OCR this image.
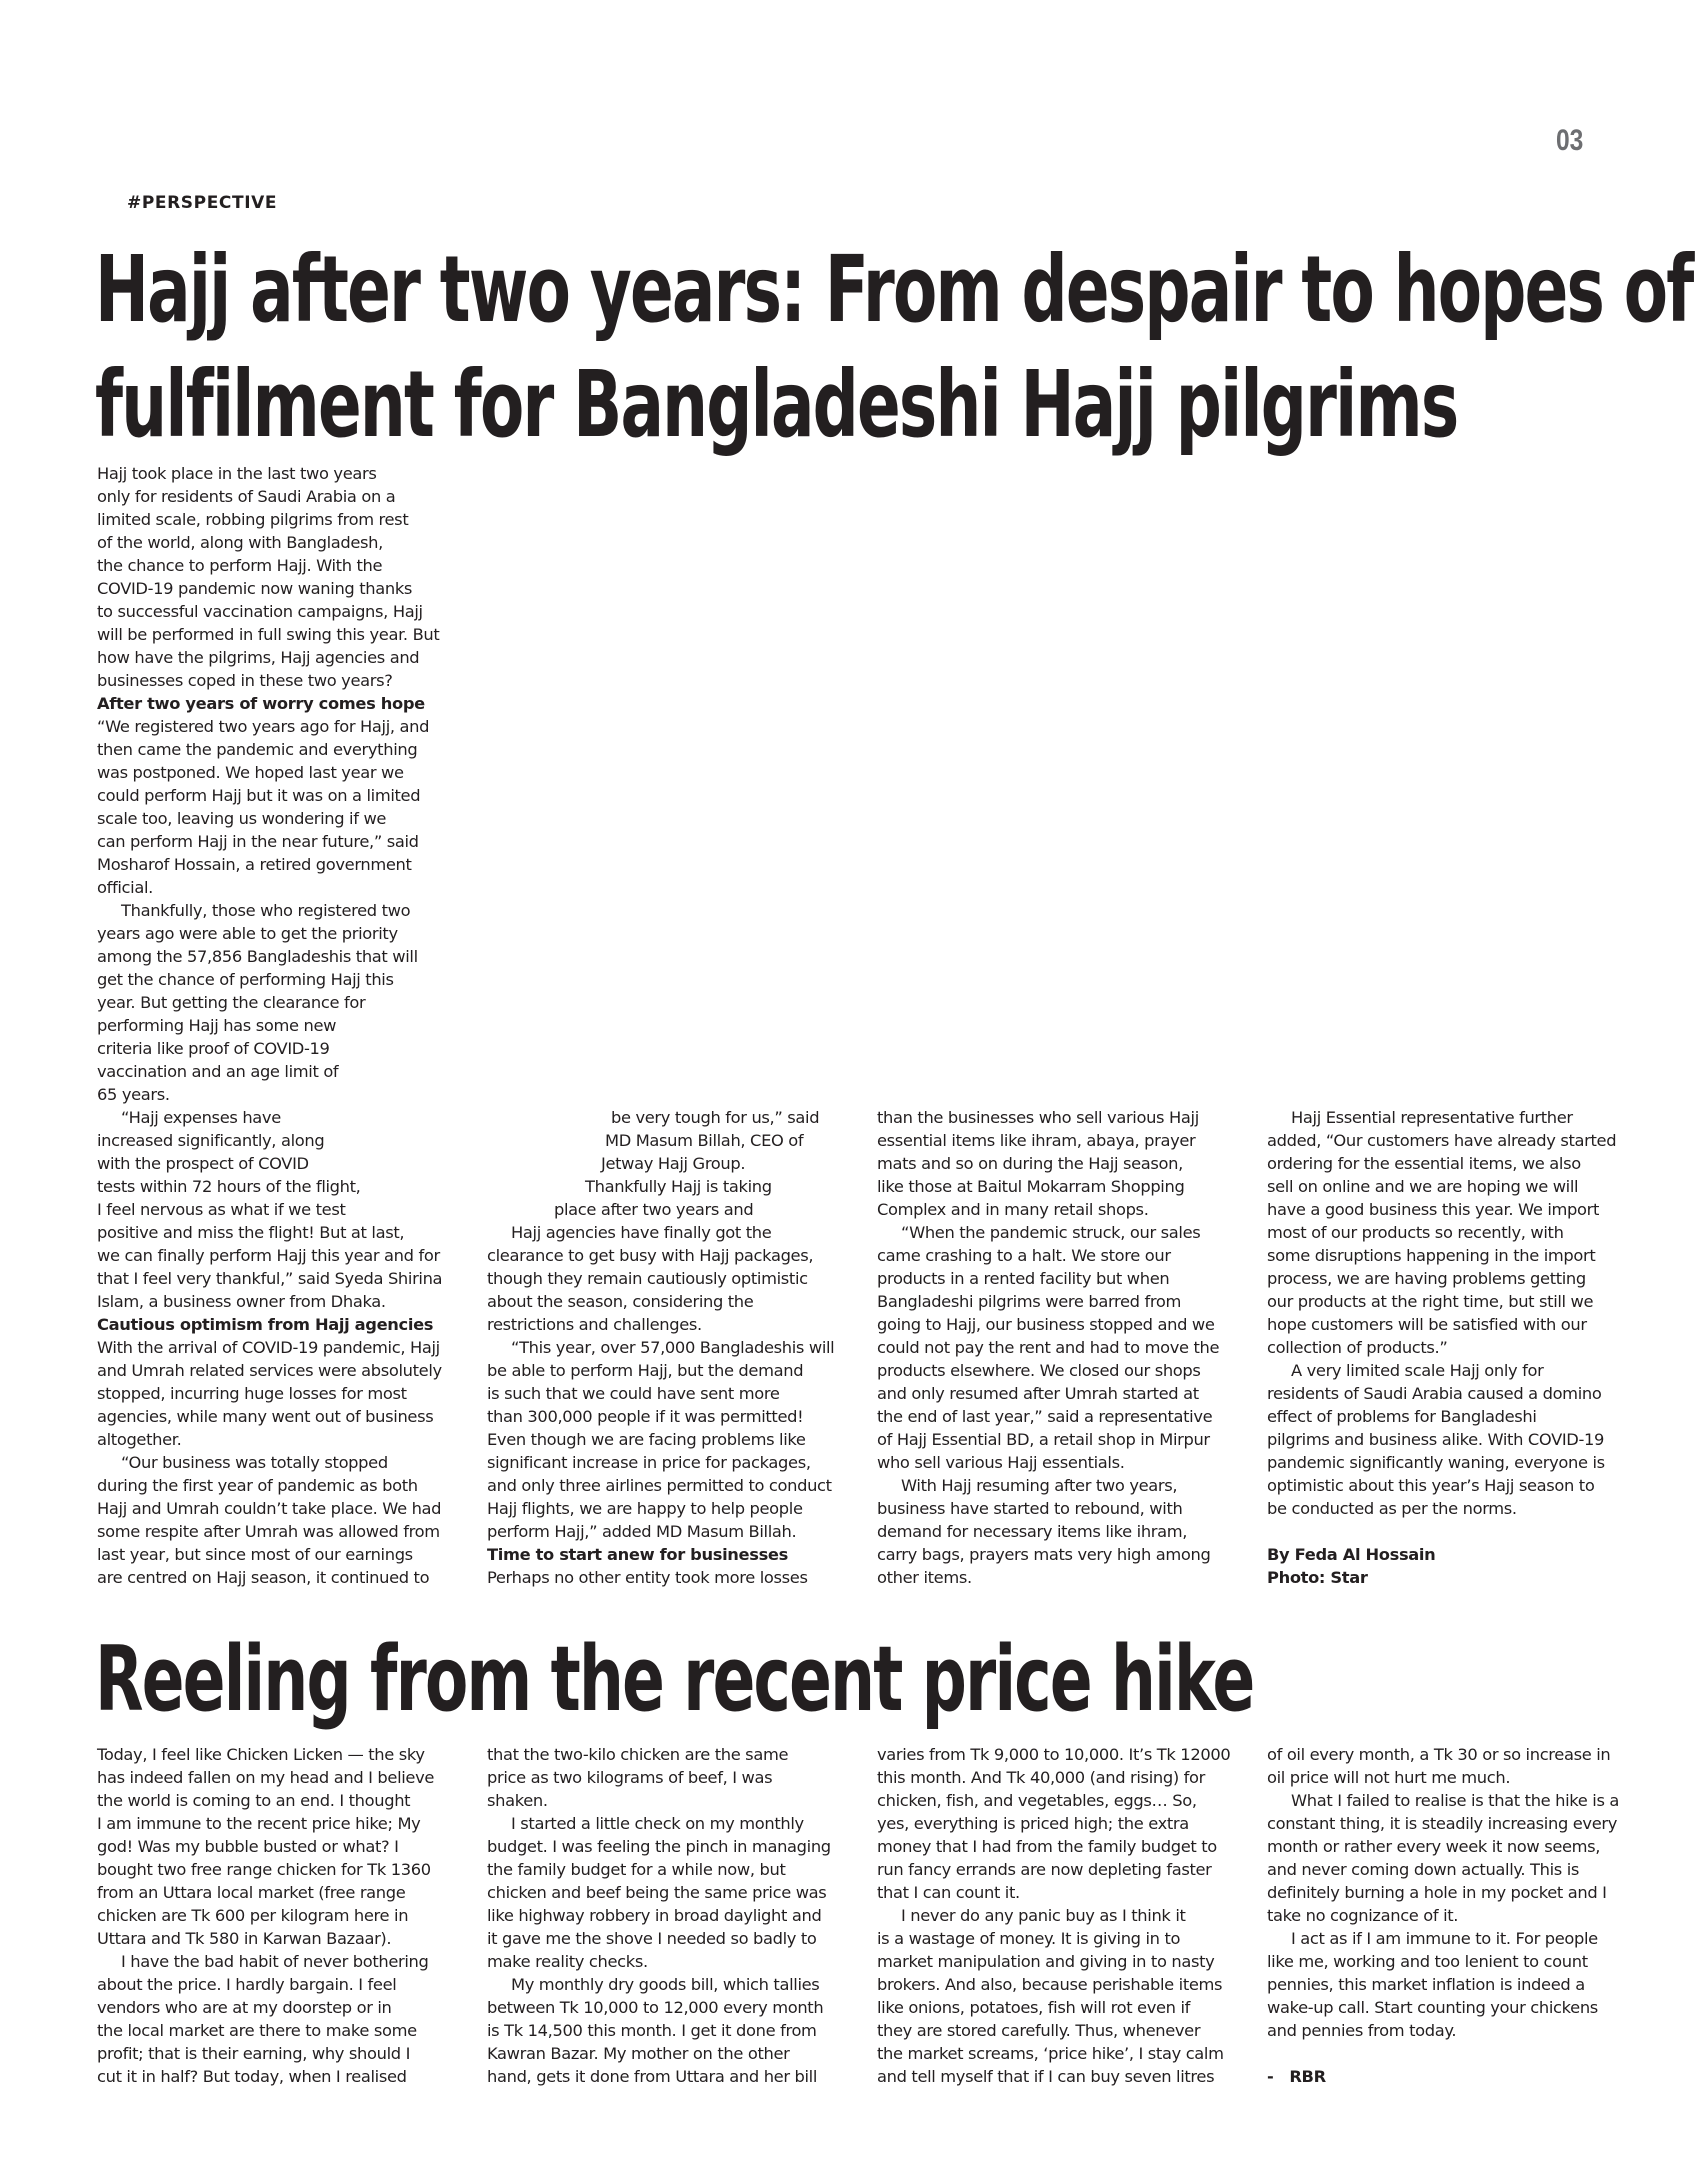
03
#PERSPECTIVE
Hajj after two years: From despair to hopes of
fulfilment for Bangladeshi Hajj pilgrims

Hajj took place in the last two years

only for residents of Saudi Arabia on a

limited scale, robbing pilgrims from rest

of the world, along with Bangladesh,

the chance to perform Hajj. With the

COVID-19 pandemic now waning thanks

to successful vaccination campaigns, Hajj

will be performed in full swing this year. But

how have the pilgrims, Hajj agencies and

businesses coped in these two years?

After two years of worry comes hope

“We registered two years ago for Hajj, and

then came the pandemic and everything

was postponed. We hoped last year we

could perform Hajj but it was on a limited

scale too, leaving us wondering if we

can perform Hajj in the near future,” said

Mosharof Hossain, a retired government

official.

Thankfully, those who registered two

years ago were able to get the priority

among the 57,856 Bangladeshis that will

get the chance of performing Hajj this

year. But getting the clearance for

performing Hajj has some new

criteria like proof of COVID-19

vaccination and an age limit of

65 years.

“Hajj expenses have

increased significantly, along

with the prospect of COVID

tests within 72 hours of the flight,

I feel nervous as what if we test

positive and miss the flight! But at last,

we can finally perform Hajj this year and for

that I feel very thankful,” said Syeda Shirina

Islam, a business owner from Dhaka.

Cautious optimism from Hajj agencies

With the arrival of COVID-19 pandemic, Hajj

and Umrah related services were absolutely

stopped, incurring huge losses for most

agencies, while many went out of business

altogether.

“Our business was totally stopped

during the first year of pandemic as both

Hajj and Umrah couldn’t take place. We had

some respite after Umrah was allowed from

last year, but since most of our earnings

are centred on Hajj season, it continued to

be very tough for us,” said

MD Masum Billah, CEO of

Jetway Hajj Group.

Thankfully Hajj is taking

place after two years and

Hajj agencies have finally got the

clearance to get busy with Hajj packages,

though they remain cautiously optimistic

about the season, considering the

restrictions and challenges.

“This year, over 57,000 Bangladeshis will

be able to perform Hajj, but the demand

is such that we could have sent more

than 300,000 people if it was permitted!

Even though we are facing problems like

significant increase in price for packages,

and only three airlines permitted to conduct

Hajj flights, we are happy to help people

perform Hajj,” added MD Masum Billah.

Time to start anew for businesses

Perhaps no other entity took more losses

than the businesses who sell various Hajj

essential items like ihram, abaya, prayer

mats and so on during the Hajj season,

like those at Baitul Mokarram Shopping

Complex and in many retail shops.

“When the pandemic struck, our sales

came crashing to a halt. We store our

products in a rented facility but when

Bangladeshi pilgrims were barred from

going to Hajj, our business stopped and we

could not pay the rent and had to move the

products elsewhere. We closed our shops

and only resumed after Umrah started at

the end of last year,” said a representative

of Hajj Essential BD, a retail shop in Mirpur

who sell various Hajj essentials.

With Hajj resuming after two years,

business have started to rebound, with

demand for necessary items like ihram,

carry bags, prayers mats very high among

other items.

Hajj Essential representative further

added, “Our customers have already started

ordering for the essential items, we also

sell on online and we are hoping we will

have a good business this year. We import

most of our products so recently, with

some disruptions happening in the import

process, we are having problems getting

our products at the right time, but still we

hope customers will be satisfied with our

collection of products.”

A very limited scale Hajj only for

residents of Saudi Arabia caused a domino

effect of problems for Bangladeshi

pilgrims and business alike. With COVID-19

pandemic significantly waning, everyone is

optimistic about this year’s Hajj season to

be conducted as per the norms.

By Feda Al Hossain

Photo: Star

Reeling from the recent price hike

Today, I feel like Chicken Licken — the sky

has indeed fallen on my head and I believe

the world is coming to an end. I thought

I am immune to the recent price hike; My

god! Was my bubble busted or what? I

bought two free range chicken for Tk 1360

from an Uttara local market (free range

chicken are Tk 600 per kilogram here in

Uttara and Tk 580 in Karwan Bazaar).

I have the bad habit of never bothering

about the price. I hardly bargain. I feel

vendors who are at my doorstep or in

the local market are there to make some

profit; that is their earning, why should I

cut it in half? But today, when I realised

that the two-kilo chicken are the same

price as two kilograms of beef, I was

shaken.

I started a little check on my monthly

budget. I was feeling the pinch in managing

the family budget for a while now, but

chicken and beef being the same price was

like highway robbery in broad daylight and

it gave me the shove I needed so badly to

make reality checks.

My monthly dry goods bill, which tallies

between Tk 10,000 to 12,000 every month

is Tk 14,500 this month. I get it done from

Kawran Bazar. My mother on the other

hand, gets it done from Uttara and her bill

varies from Tk 9,000 to 10,000. It’s Tk 12000

this month. And Tk 40,000 (and rising) for

chicken, fish, and vegetables, eggs… So,

yes, everything is priced high; the extra

money that I had from the family budget to

run fancy errands are now depleting faster

that I can count it.

I never do any panic buy as I think it

is a wastage of money. It is giving in to

market manipulation and giving in to nasty

brokers. And also, because perishable items

like onions, potatoes, fish will rot even if

they are stored carefully. Thus, whenever

the market screams, ‘price hike’, I stay calm

and tell myself that if I can buy seven litres

of oil every month, a Tk 30 or so increase in

oil price will not hurt me much.

What I failed to realise is that the hike is a

constant thing, it is steadily increasing every

month or rather every week it now seems,

and never coming down actually. This is

definitely burning a hole in my pocket and I

take no cognizance of it.

I act as if I am immune to it. For people

like me, working and too lenient to count

pennies, this market inflation is indeed a

wake-up call. Start counting your chickens

and pennies from today.

-   RBR
